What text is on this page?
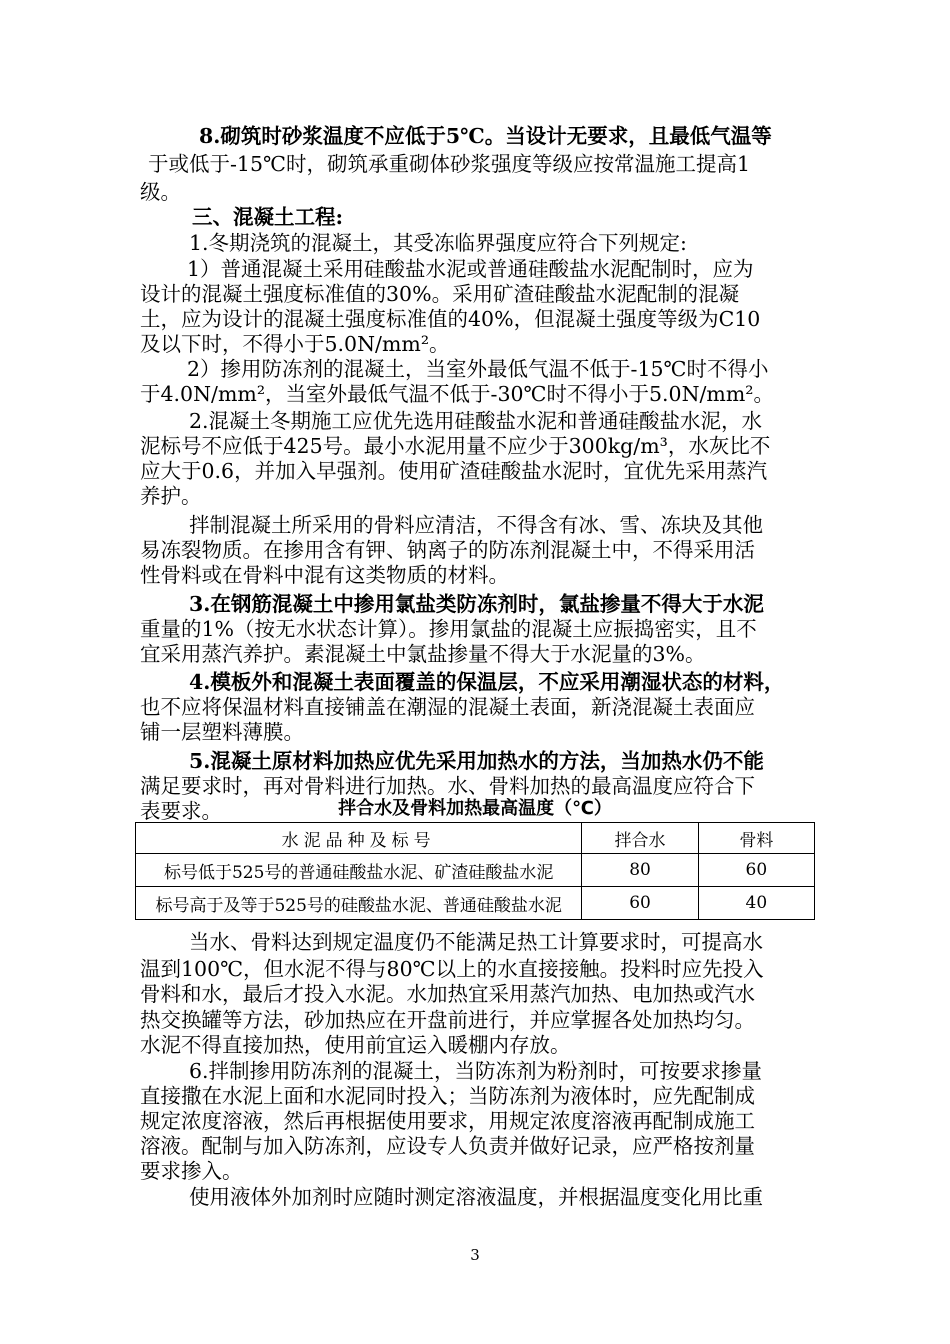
8.砌筑时砂浆温度不应低于5℃。当设计无要求，且最低气温等
于或低于-15℃时，砌筑承重砌体砂浆强度等级应按常温施工提高1
级。
三、混凝土工程:
1.冬期浇筑的混凝土，其受冻临界强度应符合下列规定:
1）普通混凝土采用硅酸盐水泥或普通硅酸盐水泥配制时，应为
设计的混凝土强度标准值的30%。采用矿渣硅酸盐水泥配制的混凝
土，应为设计的混凝土强度标准值的40%，但混凝土强度等级为C10
及以下时，不得小于5.0N/mm²。
2）掺用防冻剂的混凝土，当室外最低气温不低于-15℃时不得小
于4.0N/mm²，当室外最低气温不低于-30℃时不得小于5.0N/mm²。
2.混凝土冬期施工应优先选用硅酸盐水泥和普通硅酸盐水泥，水
泥标号不应低于425号。最小水泥用量不应少于300kg/m³，水灰比不
应大于0.6，并加入早强剂。使用矿渣硅酸盐水泥时，宜优先采用蒸汽
养护。
拌制混凝土所采用的骨料应清洁，不得含有冰、雪、冻块及其他
易冻裂物质。在掺用含有钾、钠离子的防冻剂混凝土中，不得采用活
性骨料或在骨料中混有这类物质的材料。
3.在钢筋混凝土中掺用氯盐类防冻剂时，氯盐掺量不得大于水泥
重量的1%（按无水状态计算）。掺用氯盐的混凝土应振捣密实，且不
宜采用蒸汽养护。素混凝土中氯盐掺量不得大于水泥量的3%。
4.模板外和混凝土表面覆盖的保温层，不应采用潮湿状态的材料，
也不应将保温材料直接铺盖在潮湿的混凝土表面，新浇混凝土表面应
铺一层塑料薄膜。
5.混凝土原材料加热应优先采用加热水的方法，当加热水仍不能
满足要求时，再对骨料进行加热。水、骨料加热的最高温度应符合下
表要求。	拌合水及骨料加热最高温度（℃）
水泥品种及标号	拌合水	骨料
标号低于525号的普通硅酸盐水泥、矿渣硅酸盐水泥	80	60
标号高于及等于525号的硅酸盐水泥、普通硅酸盐水泥	60	40
当水、骨料达到规定温度仍不能满足热工计算要求时，可提高水
温到100℃，但水泥不得与80℃以上的水直接接触。投料时应先投入
骨料和水，最后才投入水泥。水加热宜采用蒸汽加热、电加热或汽水
热交换罐等方法，砂加热应在开盘前进行，并应掌握各处加热均匀。
水泥不得直接加热，使用前宜运入暖棚内存放。
6.拌制掺用防冻剂的混凝土，当防冻剂为粉剂时，可按要求掺量
直接撒在水泥上面和水泥同时投入；当防冻剂为液体时，应先配制成
规定浓度溶液，然后再根据使用要求，用规定浓度溶液再配制成施工
溶液。配制与加入防冻剂，应设专人负责并做好记录，应严格按剂量
要求掺入。
使用液体外加剂时应随时测定溶液温度，并根据温度变化用比重
3
